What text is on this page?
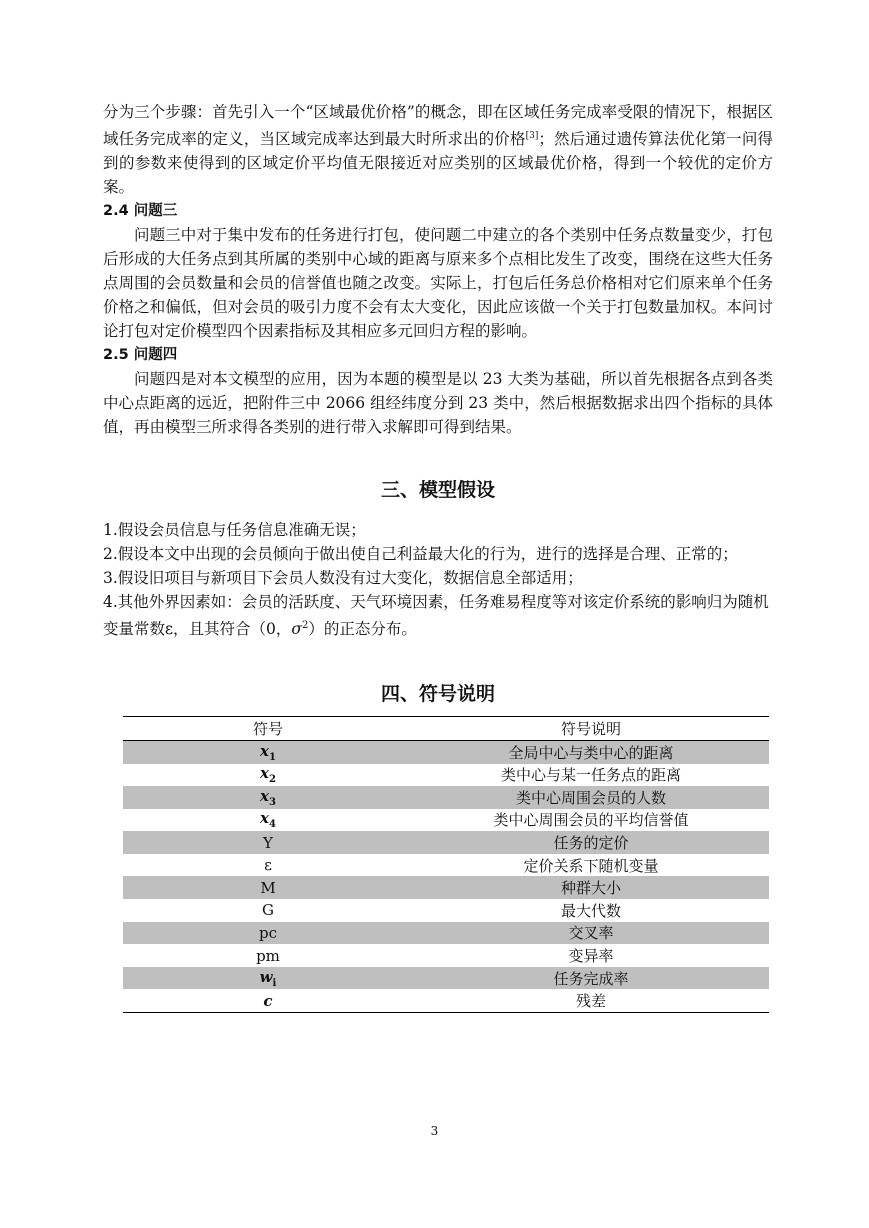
分为三个步骤：首先引入一个“区域最优价格”的概念，即在区域任务完成率受限的情况下，根据区域任务完成率的定义，当区域完成率达到最大时所求出的价格[3]；然后通过遗传算法优化第一问得到的参数来使得到的区域定价平均值无限接近对应类别的区域最优价格，得到一个较优的定价方案。

2.4 问题三

问题三中对于集中发布的任务进行打包，使问题二中建立的各个类别中任务点数量变少，打包后形成的大任务点到其所属的类别中心域的距离与原来多个点相比发生了改变，围绕在这些大任务点周围的会员数量和会员的信誉值也随之改变。实际上，打包后任务总价格相对它们原来单个任务价格之和偏低，但对会员的吸引力度不会有太大变化，因此应该做一个关于打包数量加权。本问讨论打包对定价模型四个因素指标及其相应多元回归方程的影响。

2.5 问题四

问题四是对本文模型的应用，因为本题的模型是以 23 大类为基础，所以首先根据各点到各类中心点距离的远近，把附件三中 2066 组经纬度分到 23 类中，然后根据数据求出四个指标的具体值，再由模型三所求得各类别的进行带入求解即可得到结果。

三、模型假设

1.假设会员信息与任务信息准确无误；

2.假设本文中出现的会员倾向于做出使自己利益最大化的行为，进行的选择是合理、正常的；

3.假设旧项目与新项目下会员人数没有过大变化，数据信息全部适用；

4.其他外界因素如：会员的活跃度、天气环境因素，任务难易程度等对该定价系统的影响归为随机变量常数ε，且其符合（0，$\sigma^2$）的正态分布。

四、符号说明

符号	符号说明
$x_1$	全局中心与类中心的距离
$x_2$	类中心与某一任务点的距离
$x_3$	类中心周围会员的人数
$x_4$	类中心周围会员的平均信誉值
Y	任务的定价
ε	定价关系下随机变量
M	种群大小
G	最大代数
pc	交叉率
pm	变异率
$w_i$	任务完成率
c	残差
3
